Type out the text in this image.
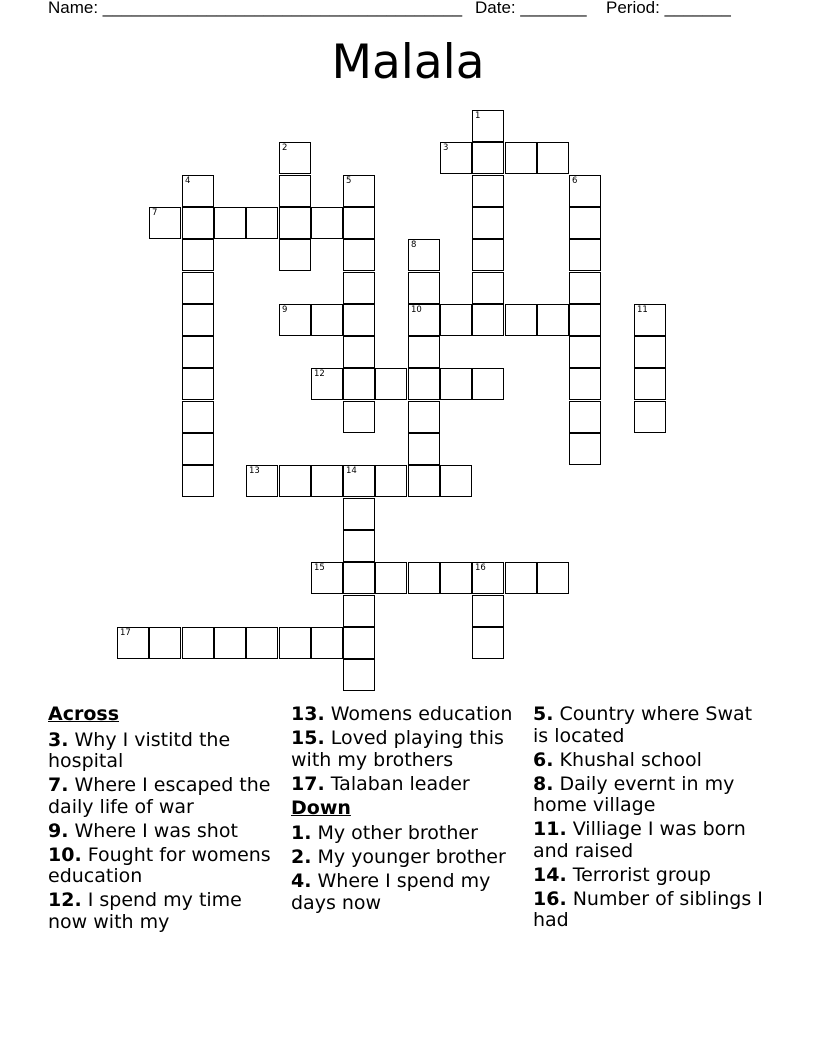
Name: ______________________________________ Date: _______ Period: _______
Malala
1
2	3
4	5	6
7
8
10
9	11
12
13	14
15	16
17
Across
3. Why I vistitd the hospital
7. Where I escaped the daily life of war
9. Where I was shot
10. Fought for womens education
12. I spend my time now with my
13. Womens education
15. Loved playing this with my brothers
17. Talaban leader
Down
1. My other brother
2. My younger brother
4. Where I spend my days now
5. Country where Swat is located
6. Khushal school
8. Daily evernt in my home village
11. Villiage I was born and raised
14. Terrorist group
16. Number of siblings I had
